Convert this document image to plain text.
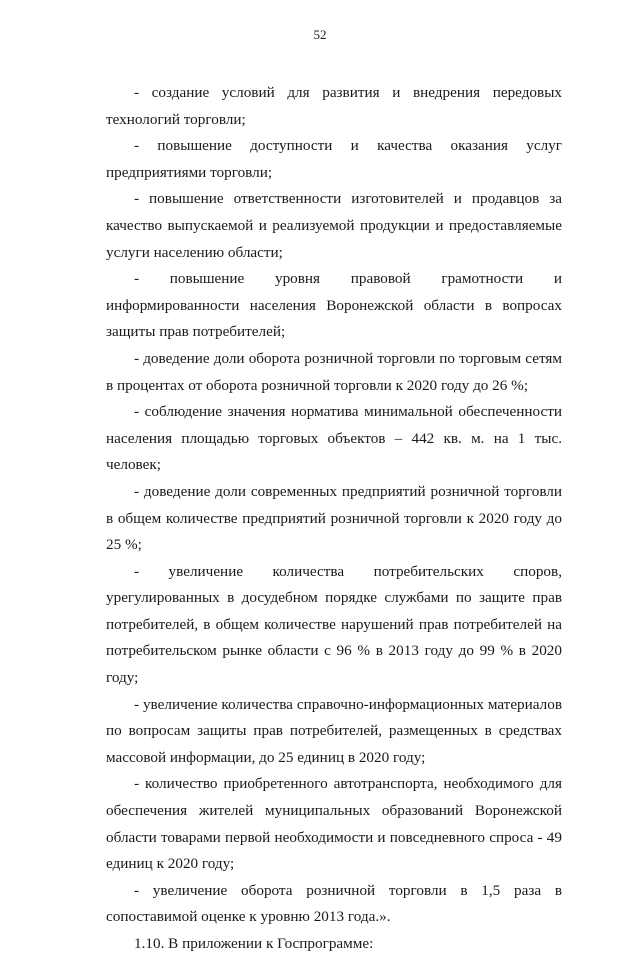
52

- создание условий для развития и внедрения передовых технологий торговли;

- повышение доступности и качества оказания услуг предприятиями торговли;

- повышение ответственности изготовителей и продавцов за качество выпускаемой и реализуемой продукции и предоставляемые услуги населению области;

- повышение уровня правовой грамотности и информированности населения Воронежской области в вопросах защиты прав потребителей;

- доведение доли оборота розничной торговли по торговым сетям в процентах от оборота розничной торговли к 2020 году до 26 %;

- соблюдение значения норматива минимальной обеспеченности населения площадью торговых объектов – 442 кв. м. на 1 тыс. человек;

- доведение доли современных предприятий розничной торговли в общем количестве предприятий розничной торговли к 2020 году до 25 %;

- увеличение количества потребительских споров, урегулированных в досудебном порядке службами по защите прав потребителей, в общем количестве нарушений прав потребителей на потребительском рынке области с 96 % в 2013 году до 99 % в 2020 году;

- увеличение количества справочно-информационных материалов по вопросам защиты прав потребителей, размещенных в средствах массовой информации, до 25 единиц в 2020 году;

- количество приобретенного автотранспорта, необходимого для обеспечения жителей муниципальных образований Воронежской области товарами первой необходимости и повседневного спроса - 49 единиц к 2020 году;

- увеличение оборота розничной торговли в 1,5 раза в сопоставимой оценке к уровню 2013 года.».

1.10. В приложении к Госпрограмме:
